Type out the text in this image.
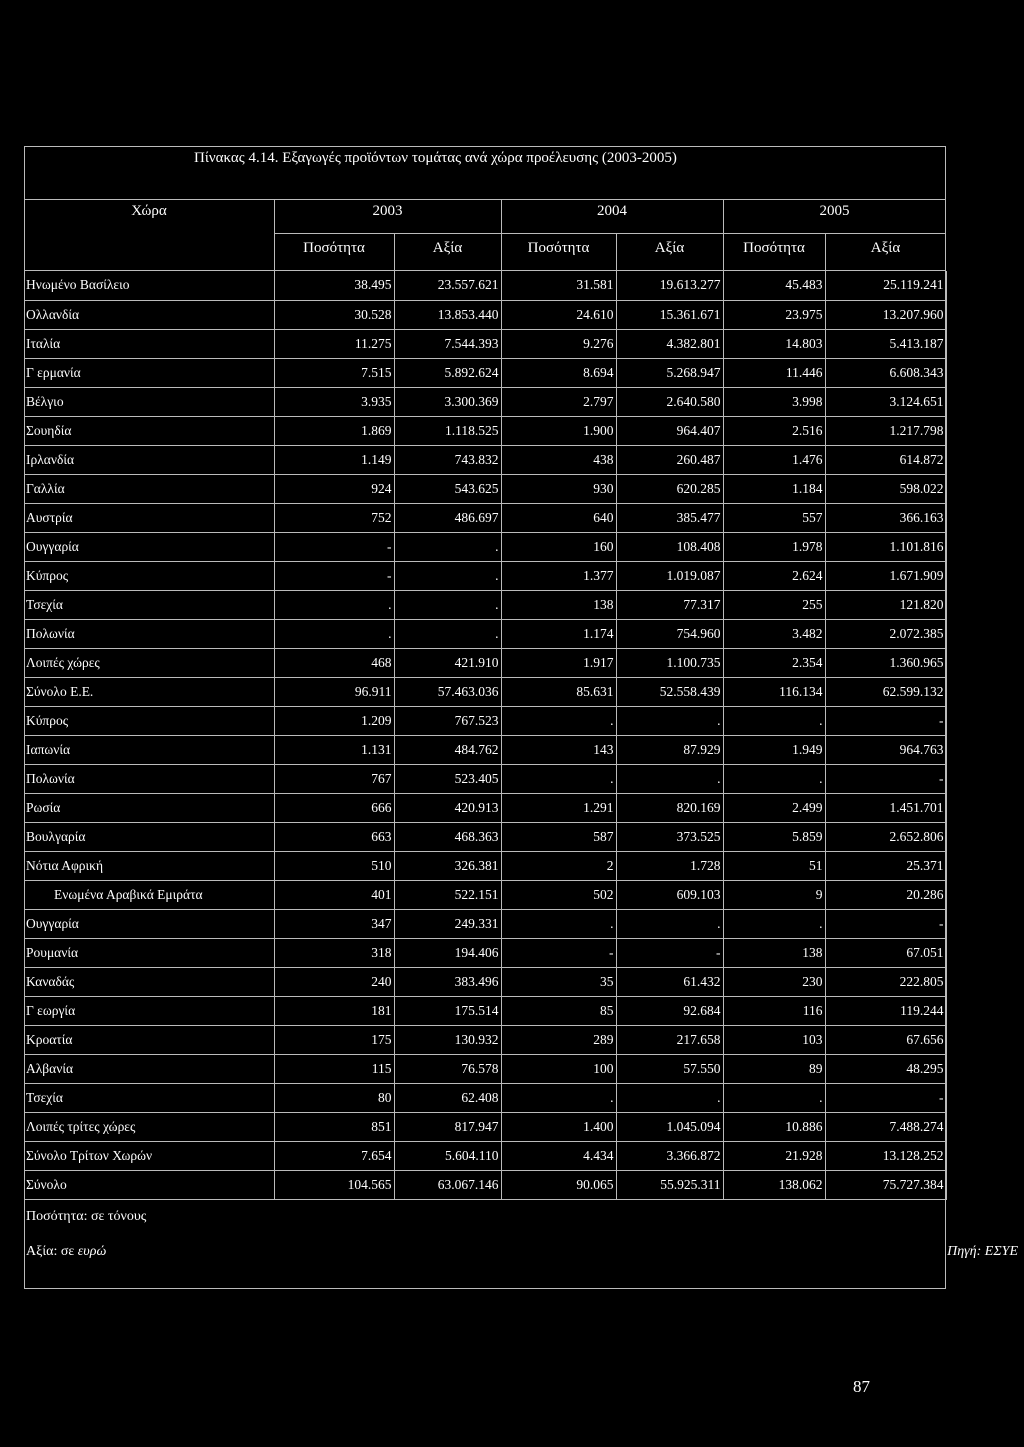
Πίνακας 4.14. Εξαγωγές προϊόντων τομάτας ανά χώρα προέλευσης (2003-2005)
Χώρα	2003	2004	2005
Ποσότητα	Αξία	Ποσότητα	Αξία	Ποσότητα	Αξία
Ηνωμένο Βασίλειο	38.495	23.557.621	31.581	19.613.277	45.483	25.119.241
Ολλανδία	30.528	13.853.440	24.610	15.361.671	23.975	13.207.960
Ιταλία	11.275	7.544.393	9.276	4.382.801	14.803	5.413.187
Γ ερμανία	7.515	5.892.624	8.694	5.268.947	11.446	6.608.343
Βέλγιο	3.935	3.300.369	2.797	2.640.580	3.998	3.124.651
Σουηδία	1.869	1.118.525	1.900	964.407	2.516	1.217.798
Ιρλανδία	1.149	743.832	438	260.487	1.476	614.872
Γαλλία	924	543.625	930	620.285	1.184	598.022
Αυστρία	752	486.697	640	385.477	557	366.163
Ουγγαρία	-	.	160	108.408	1.978	1.101.816
Κύπρος	-	.	1.377	1.019.087	2.624	1.671.909
Τσεχία	.	.	138	77.317	255	121.820
Πολωνία	.	.	1.174	754.960	3.482	2.072.385
Λοιπές χώρες	468	421.910	1.917	1.100.735	2.354	1.360.965
Σύνολο Ε.Ε.	96.911	57.463.036	85.631	52.558.439	116.134	62.599.132
Κύπρος	1.209	767.523	.	.	.	-
Ιαπωνία	1.131	484.762	143	87.929	1.949	964.763
Πολωνία	767	523.405	.	.	.	-
Ρωσία	666	420.913	1.291	820.169	2.499	1.451.701
Βουλγαρία	663	468.363	587	373.525	5.859	2.652.806
Νότια Αφρική	510	326.381	2	1.728	51	25.371
Ενωμένα Αραβικά Εμιράτα	401	522.151	502	609.103	9	20.286
Ουγγαρία	347	249.331	.	.	.	-
Ρουμανία	318	194.406	-	-	138	67.051
Καναδάς	240	383.496	35	61.432	230	222.805
Γ εωργία	181	175.514	85	92.684	116	119.244
Κροατία	175	130.932	289	217.658	103	67.656
Αλβανία	115	76.578	100	57.550	89	48.295
Τσεχία	80	62.408	.	.	.	-
Λοιπές τρίτες χώρες	851	817.947	1.400	1.045.094	10.886	7.488.274
Σύνολο Τρίτων Χωρών	7.654	5.604.110	4.434	3.366.872	21.928	13.128.252
Σύνολο	104.565	63.067.146	90.065	55.925.311	138.062	75.727.384
Ποσότητα: σε τόνους
Αξία: σε ευρώ	Πηγή: ΕΣΥΕ
87
